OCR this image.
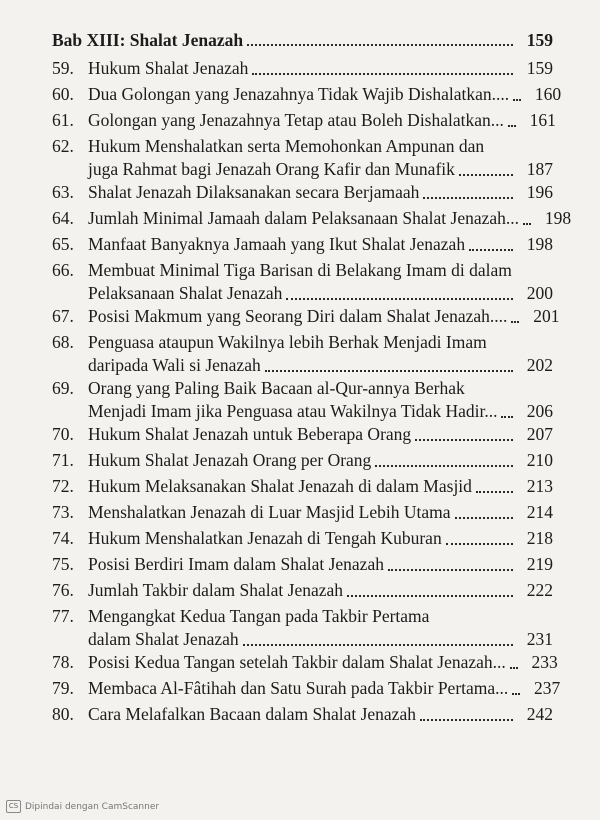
Bab XIII: Shalat Jenazah	159
59. Hukum Shalat Jenazah	159
60. Dua Golongan yang Jenazahnya Tidak Wajib Dishalatkan....	160
61. Golongan yang Jenazahnya Tetap atau Boleh Dishalatkan...	161
62. Hukum Menshalatkan serta Memohonkan Ampunan dan
juga Rahmat bagi Jenazah Orang Kafir dan Munafik	187
63. Shalat Jenazah Dilaksanakan secara Berjamaah	196
64. Jumlah Minimal Jamaah dalam Pelaksanaan Shalat Jenazah...	198
65. Manfaat Banyaknya Jamaah yang Ikut Shalat Jenazah	198
66. Membuat Minimal Tiga Barisan di Belakang Imam di dalam
Pelaksanaan Shalat Jenazah	200
67. Posisi Makmum yang Seorang Diri dalam Shalat Jenazah....	201
68. Penguasa ataupun Wakilnya lebih Berhak Menjadi Imam
daripada Wali si Jenazah	202
69. Orang yang Paling Baik Bacaan al-Qur-annya Berhak
Menjadi Imam jika Penguasa atau Wakilnya Tidak Hadir...	206
70. Hukum Shalat Jenazah untuk Beberapa Orang	207
71. Hukum Shalat Jenazah Orang per Orang	210
72. Hukum Melaksanakan Shalat Jenazah di dalam Masjid	213
73. Menshalatkan Jenazah di Luar Masjid Lebih Utama	214
74. Hukum Menshalatkan Jenazah di Tengah Kuburan	218
75. Posisi Berdiri Imam dalam Shalat Jenazah	219
76. Jumlah Takbir dalam Shalat Jenazah	222
77. Mengangkat Kedua Tangan pada Takbir Pertama
dalam Shalat Jenazah	231
78. Posisi Kedua Tangan setelah Takbir dalam Shalat Jenazah...	233
79. Membaca Al-Fâtihah dan Satu Surah pada Takbir Pertama...	237
80. Cara Melafalkan Bacaan dalam Shalat Jenazah	242
CS Dipindai dengan CamScanner
